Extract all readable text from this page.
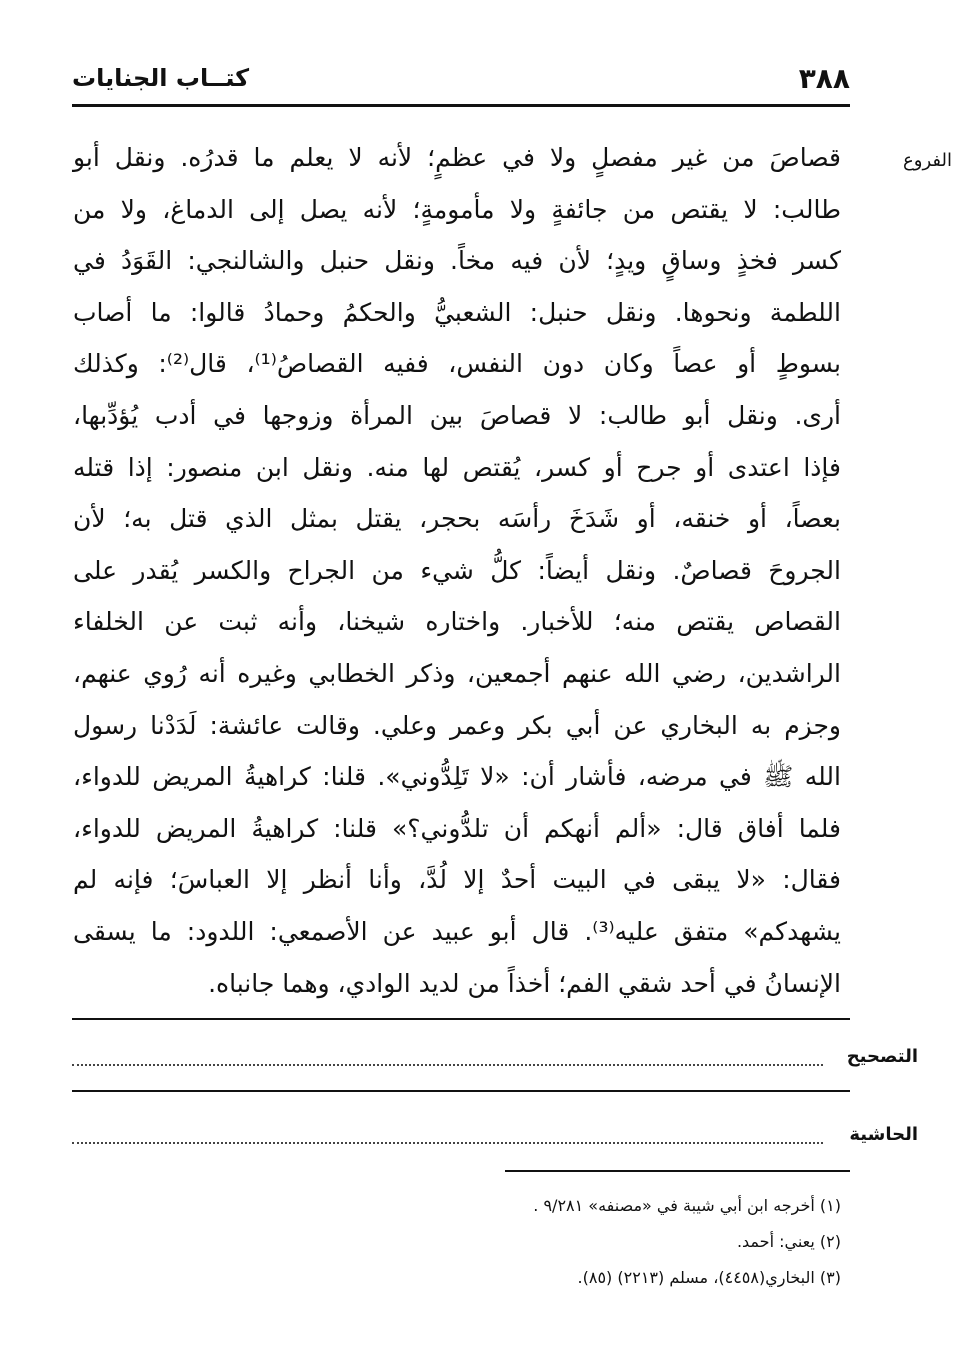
٣٨٨
كتــاب الجنايات
الفروع
قصاصَ من غير مفصلٍ ولا في عظمٍ؛ لأنه لا يعلم ما قدرُه. ونقل أبو
طالب: لا يقتص من جائفةٍ ولا مأمومةٍ؛ لأنه يصل إلى الدماغ، ولا من
كسر فخذٍ وساقٍ ويدٍ؛ لأن فيه مخاً. ونقل حنبل والشالنجي: القَوَدُ في
اللطمة ونحوها. ونقل حنبل: الشعبيُّ والحكمُ وحمادُ قالوا: ما أصاب
بسوطٍ أو عصاً وكان دون النفس، ففيه القصاصُ⁽¹⁾، قال⁽²⁾: وكذلك
أرى. ونقل أبو طالب: لا قصاصَ بين المرأة وزوجها في أدب يُؤدِّبها،
فإذا اعتدى أو جرح أو كسر، يُقتص لها منه. ونقل ابن منصور: إذا قتله
بعصاً، أو خنقه، أو شَدَخَ رأسَه بحجر، يقتل بمثل الذي قتل به؛ لأن
الجروحَ قصاصٌ. ونقل أيضاً: كلُّ شيء من الجراح والكسر يُقدر على
القصاص يقتص منه؛ للأخبار. واختاره شيخنا، وأنه ثبت عن الخلفاء
الراشدين، رضي الله عنهم أجمعين، وذكر الخطابي وغيره أنه رُوي عنهم،
وجزم به البخاري عن أبي بكر وعمر وعلي. وقالت عائشة: لَدَدْنا رسول
الله ﷺ في مرضه، فأشار أن: «لا تَلِدُّوني». قلنا: كراهيةُ المريض للدواء،
فلما أفاق قال: «ألم أنهكم أن تلدُّوني؟» قلنا: كراهيةُ المريض للدواء،
فقال: «لا يبقى في البيت أحدٌ إلا لُدَّ، وأنا أنظر إلا العباسَ؛ فإنه لم
يشهدكم» متفق عليه⁽³⁾. قال أبو عبيد عن الأصمعي: اللدود: ما يسقى
الإنسانُ في أحد شقي الفم؛ أخذاً من لديد الوادي، وهما جانباه.
التصحيح
الحاشية
(١) أخرجه ابن أبي شيبة في «مصنفه» ٩/٢٨١ .
(٢) يعني: أحمد.
(٣) البخاري(٤٤٥٨)، مسلم (٢٢١٣) (٨٥).
